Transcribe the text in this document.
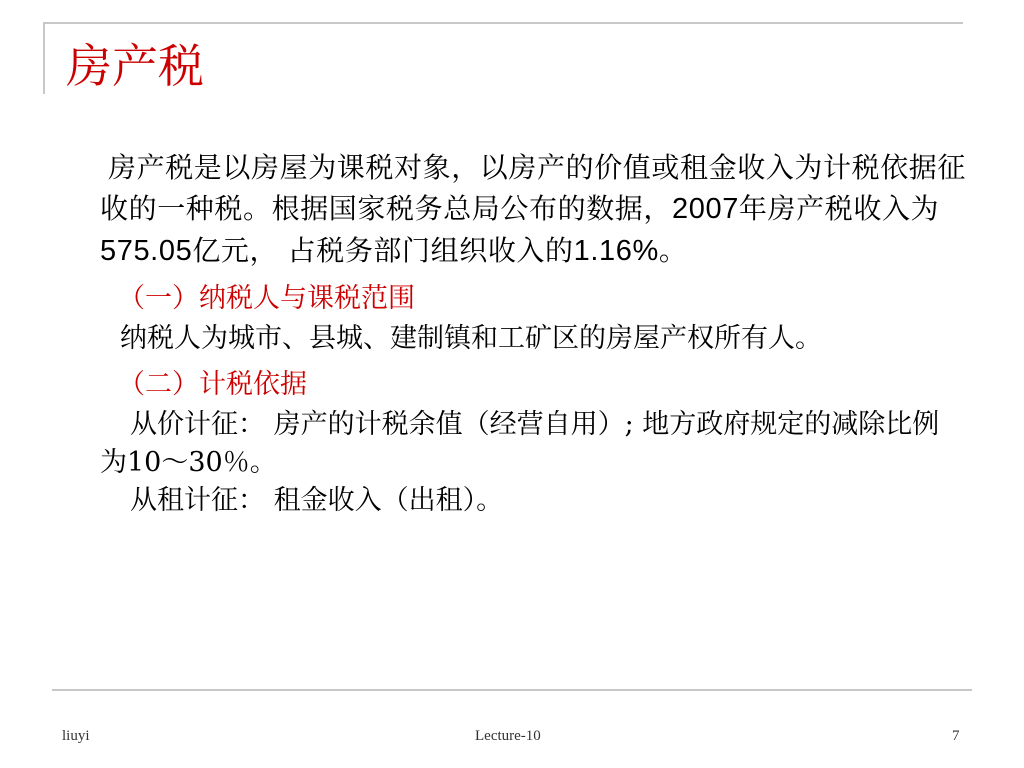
房产税

房产税是以房屋为课税对象，以房产的价值或租金收入为计税依据征收的一种税。根据国家税务总局公布的数据，2007年房产税收入为575.05亿元， 占税务部门组织收入的1.16%。

（一）纳税人与课税范围

纳税人为城市、县城、建制镇和工矿区的房屋产权所有人。

（二）计税依据

从价计征： 房产的计税余值（经营自用）; 地方政府规定的减除比例为10～30％。

从租计征： 租金收入（出租）。

liuyi	Lecture-10	7
